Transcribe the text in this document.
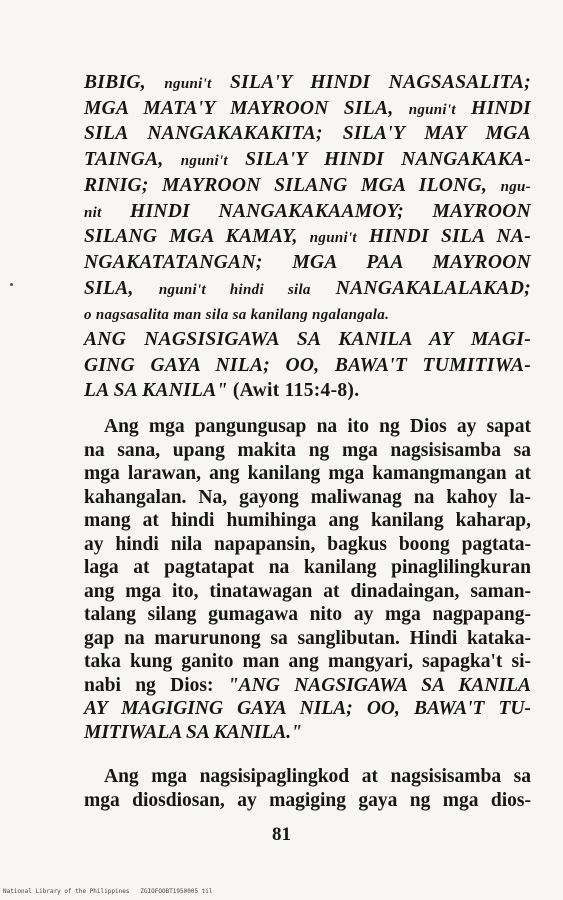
BIBIG, nguni't SILA'Y HINDI NAGSASALITA;
MGA MATA'Y MAYROON SILA, nguni't HINDI
SILA NANGAKAKAKITA; SILA'Y MAY MGA
TAINGA, nguni't SILA'Y HINDI NANGAKAKA-
RINIG; MAYROON SILANG MGA ILONG, ngu-
nit HINDI NANGAKAKAAMOY; MAYROON
SILANG MGA KAMAY, nguni't HINDI SILA NA-
NGAKATATANGAN; MGA PAA MAYROON
SILA, nguni't hindi sila NANGAKALALAKAD;
o nagsasalita man sila sa kanilang ngalangala.
ANG NAGSISIGAWA SA KANILA AY MAGI-
GING GAYA NILA; OO, BAWA'T TUMITIWA-
LA SA KANILA" (Awit 115:4-8).
Ang mga pangungusap na ito ng Dios ay sapat
na sana, upang makita ng mga nagsisisamba sa
mga larawan, ang kanilang mga kamangmangan at
kahangalan. Na, gayong maliwanag na kahoy la-
mang at hindi humihinga ang kanilang kaharap,
ay hindi nila napapansin, bagkus boong pagtata-
laga at pagtatapat na kanilang pinaglilingkuran
ang mga ito, tinatawagan at dinadaingan, saman-
talang silang gumagawa nito ay mga nagpapang-
gap na marurunong sa sanglibutan. Hindi kataka-
taka kung ganito man ang mangyari, sapagka't si-
nabi ng Dios: "ANG NAGSIGAWA SA KANILA
AY MAGIGING GAYA NILA; OO, BAWA'T TU-
MITIWALA SA KANILA."
Ang mga nagsisipaglingkod at nagsisisamba sa
mga diosdiosan, ay magiging gaya ng mga dios-
81
National Library of the Philippines   ZGIOFOOBT1950005 til
